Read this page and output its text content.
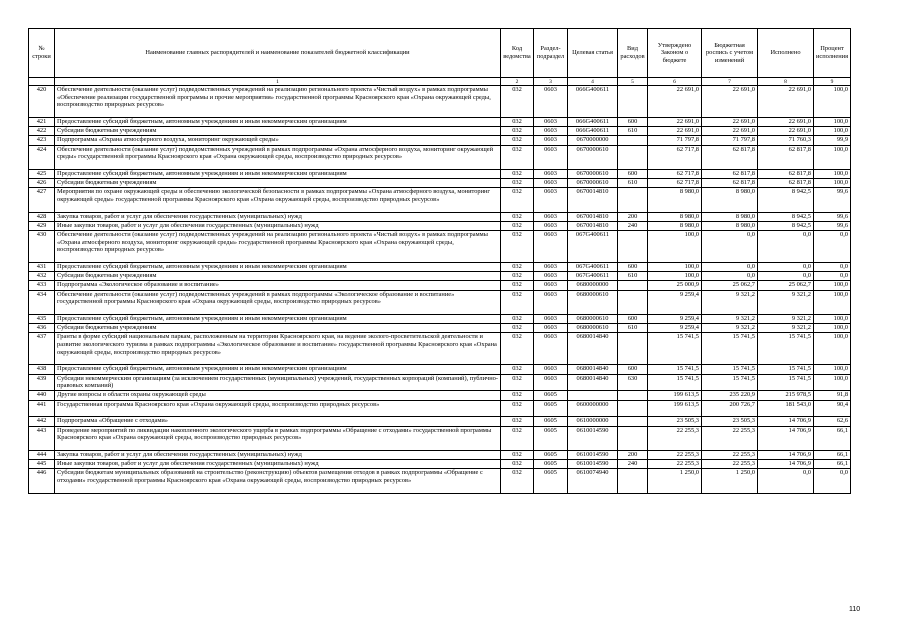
№ строки	Наименование главных распорядителей и наименование показателей бюджетной классификации	Код ведомства	Раздел-подраздел	Целевая статья	Вид расходов	Утверждено Законом о бюджете	Бюджетная роспись с учетом изменений	Исполнено	Процент исполнения
	1	2	3	4	5	6	7	8	9
420	Обеспечение деятельности (оказание услуг) подведомственных учреждений на реализацию регионального проекта «Чистый воздух» в рамках подпрограммы «Обеспечение реализации государственной программы и прочие мероприятия» государственной программы Красноярского края «Охрана окружающей среды, воспроизводство природных ресурсов»	032	0603	066G400611		22 691,0	22 691,0	22 691,0	100,0
421	Предоставление субсидий бюджетным, автономным учреждениям и иным некоммерческим организациям	032	0603	066G400611	600	22 691,0	22 691,0	22 691,0	100,0
422	Субсидии бюджетным учреждениям	032	0603	066G400611	610	22 691,0	22 691,0	22 691,0	100,0
423	Подпрограмма «Охрана атмосферного воздуха, мониторинг окружающей среды»	032	0603	0670000000		71 797,8	71 797,8	71 760,3	99,9
424	Обеспечение деятельности (оказание услуг) подведомственных учреждений в рамках подпрограммы «Охрана атмосферного воздуха, мониторинг окружающей среды» государственной программы Красноярского края «Охрана окружающей среды, воспроизводство природных ресурсов»	032	0603	0670000610		62 717,8	62 817,8	62 817,8	100,0
425	Предоставление субсидий бюджетным, автономным учреждениям и иным некоммерческим организациям	032	0603	0670000610	600	62 717,8	62 817,8	62 817,8	100,0
426	Субсидии бюджетным учреждениям	032	0603	0670000610	610	62 717,8	62 817,8	62 817,8	100,0
427	Мероприятия по охране окружающей среды и обеспечению экологической безопасности в рамках подпрограммы «Охрана атмосферного воздуха, мониторинг окружающей среды» государственной программы Красноярского края «Охрана окружающей среды, воспроизводство природных ресурсов»	032	0603	0670014810		8 980,0	8 980,0	8 942,5	99,6
428	Закупка товаров, работ и услуг для обеспечения государственных (муниципальных) нужд	032	0603	0670014810	200	8 980,0	8 980,0	8 942,5	99,6
429	Иные закупки товаров, работ и услуг для обеспечения государственных (муниципальных) нужд	032	0603	0670014810	240	8 980,0	8 980,0	8 942,5	99,6
430	Обеспечение деятельности (оказание услуг) подведомственных учреждений на реализацию регионального проекта «Чистый воздух» в рамках подпрограммы «Охрана атмосферного воздуха, мониторинг окружающей среды» государственной программы Красноярского края «Охрана окружающей среды, воспроизводство природных ресурсов»	032	0603	067G400611		100,0	0,0	0,0	0,0
431	Предоставление субсидий бюджетным, автономным учреждениям и иным некоммерческим организациям	032	0603	067G400611	600	100,0	0,0	0,0	0,0
432	Субсидии бюджетным учреждениям	032	0603	067G400611	610	100,0	0,0	0,0	0,0
433	Подпрограмма «Экологическое образование и воспитание»	032	0603	0680000000		25 000,9	25 062,7	25 062,7	100,0
434	Обеспечение деятельности (оказание услуг) подведомственных учреждений в рамках подпрограммы «Экологическое образование и воспитание» государственной программы Красноярского края «Охрана окружающей среды, воспроизводство природных ресурсов»	032	0603	0680000610		9 259,4	9 321,2	9 321,2	100,0
435	Предоставление субсидий бюджетным, автономным учреждениям и иным некоммерческим организациям	032	0603	0680000610	600	9 259,4	9 321,2	9 321,2	100,0
436	Субсидии бюджетным учреждениям	032	0603	0680000610	610	9 259,4	9 321,2	9 321,2	100,0
437	Гранты в форме субсидий национальным паркам, расположенным на территории Красноярского края, на ведение эколого-просветительской деятельности и развитие экологического туризма в рамках подпрограммы «Экологическое образование и воспитание» государственной программы Красноярского края «Охрана окружающей среды, воспроизводство природных ресурсов»	032	0603	0680014840		15 741,5	15 741,5	15 741,5	100,0
438	Предоставление субсидий бюджетным, автономным учреждениям и иным некоммерческим организациям	032	0603	0680014840	600	15 741,5	15 741,5	15 741,5	100,0
439	Субсидии некоммерческим организациям (за исключением государственных (муниципальных) учреждений, государственных корпораций (компаний), публично-правовых компаний)	032	0603	0680014840	630	15 741,5	15 741,5	15 741,5	100,0
440	Другие вопросы в области охраны окружающей среды	032	0605			199 613,5	235 220,9	215 978,5	91,8
441	Государственная программа Красноярского края «Охрана окружающей среды, воспроизводство природных ресурсов»	032	0605	0600000000		199 613,5	200 726,7	181 543,0	90,4
442	Подпрограмма «Обращение с отходами»	032	0605	0610000000		23 505,3	23 505,3	14 706,9	62,6
443	Проведение мероприятий по ликвидации накопленного экологического ущерба в рамках подпрограммы «Обращение с отходами» государственной программы Красноярского края «Охрана окружающей среды, воспроизводство природных ресурсов»	032	0605	0610014590		22 255,3	22 255,3	14 706,9	66,1
444	Закупка товаров, работ и услуг для обеспечения государственных (муниципальных) нужд	032	0605	0610014590	200	22 255,3	22 255,3	14 706,9	66,1
445	Иные закупки товаров, работ и услуг для обеспечения государственных (муниципальных) нужд	032	0605	0610014590	240	22 255,3	22 255,3	14 706,9	66,1
446	Субсидии бюджетам муниципальных образований на строительство (реконструкцию) объектов размещения отходов в рамках подпрограммы «Обращение с отходами» государственной программы Красноярского края «Охрана окружающей среды, воспроизводство природных ресурсов»	032	0605	0610074940		1 250,0	1 250,0	0,0	0,0
110
